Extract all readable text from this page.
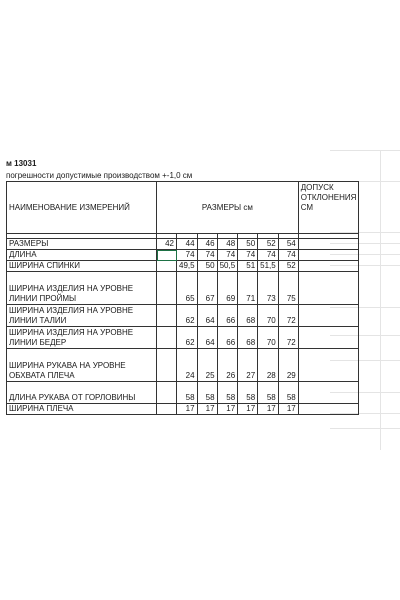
м 13031
погрешности допустимые производством +-1,0 см
НАИМЕНОВАНИЕ ИЗМЕРЕНИЙ	РАЗМЕРЫ см							ДОПУСК ОТКЛОНЕНИЯ СМ

РАЗМЕРЫ	42	44	46	48	50	52	54	
ДЛИНА		74	74	74	74	74	74	
ШИРИНА СПИНКИ		49,5	50	50,5	51	51,5	52	
ШИРИНА ИЗДЕЛИЯ НА УРОВНЕ ЛИНИИ ПРОЙМЫ		65	67	69	71	73	75	
ШИРИНА ИЗДЕЛИЯ НА УРОВНЕ ЛИНИИ ТАЛИИ		62	64	66	68	70	72	
ШИРИНА ИЗДЕЛИЯ НА УРОВНЕ ЛИНИИ БЕДЕР		62	64	66	68	70	72	
ШИРИНА РУКАВА НА УРОВНЕ ОБХВАТА ПЛЕЧА		24	25	26	27	28	29	
ДЛИНА РУКАВА ОТ ГОРЛОВИНЫ		58	58	58	58	58	58	
ШИРИНА ПЛЕЧА		17	17	17	17	17	17	
